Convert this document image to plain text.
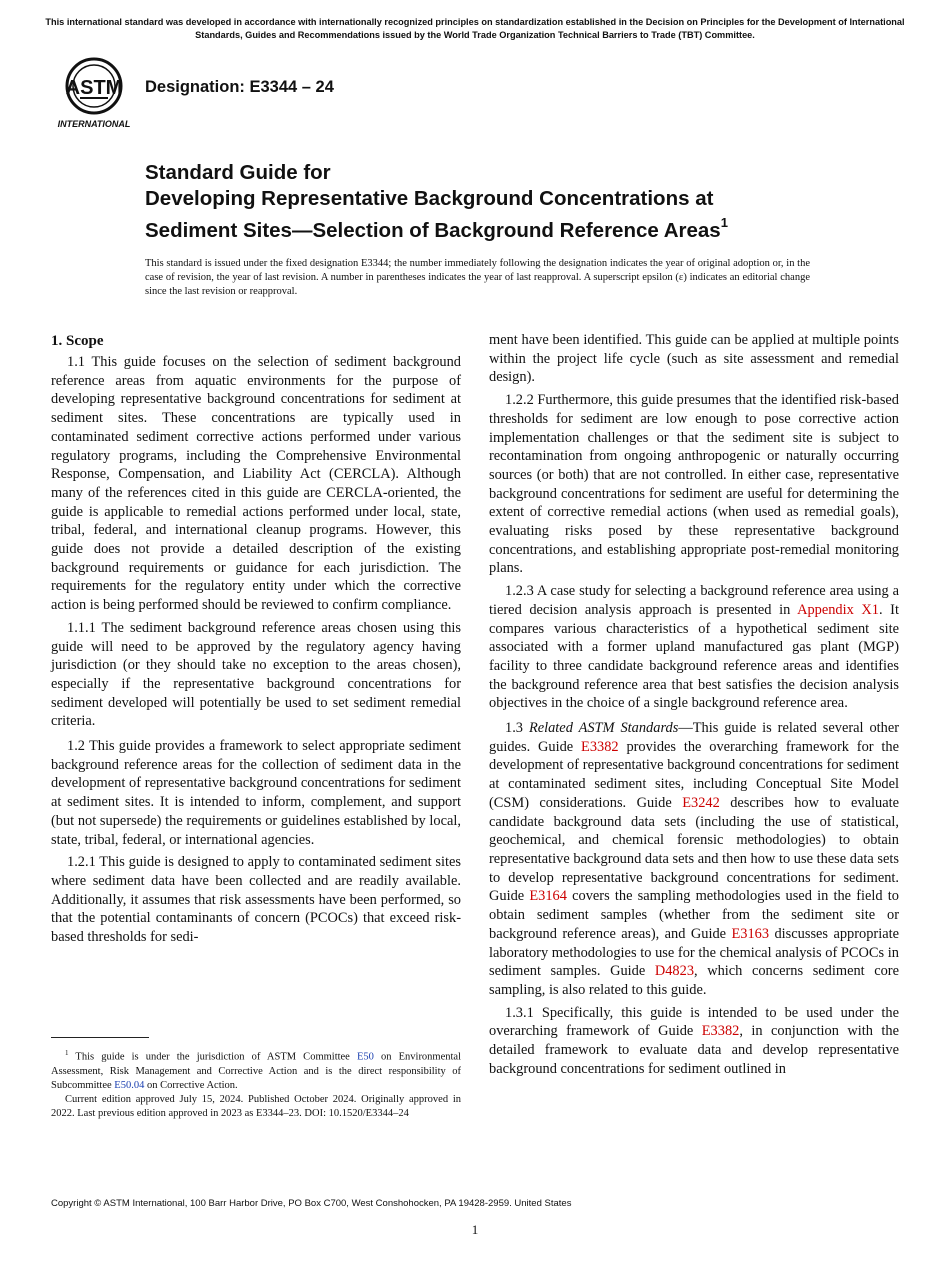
This international standard was developed in accordance with internationally recognized principles on standardization established in the Decision on Principles for the Development of International Standards, Guides and Recommendations issued by the World Trade Organization Technical Barriers to Trade (TBT) Committee.
ASTM
INTERNATIONAL
Designation: E3344 – 24
Standard Guide for
Developing Representative Background Concentrations at
Sediment Sites—Selection of Background Reference Areas$^1$
This standard is issued under the fixed designation E3344; the number immediately following the designation indicates the year of original adoption or, in the case of revision, the year of last revision. A number in parentheses indicates the year of last reapproval. A superscript epsilon (ε) indicates an editorial change since the last revision or reapproval.
1. Scope

1.1 This guide focuses on the selection of sediment background reference areas from aquatic environments for the purpose of developing representative background concentrations for sediment at sediment sites. These concentrations are typically used in contaminated sediment corrective actions performed under various regulatory programs, including the Comprehensive Environmental Response, Compensation, and Liability Act (CERCLA). Although many of the references cited in this guide are CERCLA-oriented, the guide is applicable to remedial actions performed under local, state, tribal, federal, and international cleanup programs. However, this guide does not provide a detailed description of the existing background requirements or guidance for each jurisdiction. The requirements for the regulatory entity under which the corrective action is being performed should be reviewed to confirm compliance.

1.1.1 The sediment background reference areas chosen using this guide will need to be approved by the regulatory agency having jurisdiction (or they should take no exception to the areas chosen), especially if the representative background concentrations for sediment developed will potentially be used to set sediment remedial criteria.

1.2 This guide provides a framework to select appropriate sediment background reference areas for the collection of sediment data in the development of representative background concentrations for sediment at sediment sites. It is intended to inform, complement, and support (but not supersede) the requirements or guidelines established by local, state, tribal, federal, or international agencies.

1.2.1 This guide is designed to apply to contaminated sediment sites where sediment data have been collected and are readily available. Additionally, it assumes that risk assessments have been performed, so that the potential contaminants of concern (PCOCs) that exceed risk-based thresholds for sedi-

ment have been identified. This guide can be applied at multiple points within the project life cycle (such as site assessment and remedial design).

1.2.2 Furthermore, this guide presumes that the identified risk-based thresholds for sediment are low enough to pose corrective action implementation challenges or that the sediment site is subject to recontamination from ongoing anthropogenic or naturally occurring sources (or both) that are not controlled. In either case, representative background concentrations for sediment are useful for determining the extent of corrective remedial actions (when used as remedial goals), evaluating risks posed by these representative background concentrations, and establishing appropriate post-remedial monitoring plans.

1.2.3 A case study for selecting a background reference area using a tiered decision analysis approach is presented in Appendix X1. It compares various characteristics of a hypothetical sediment site associated with a former upland manufactured gas plant (MGP) facility to three candidate background reference areas and identifies the background reference area that best satisfies the decision analysis objectives in the choice of a single background reference area.

1.3 Related ASTM Standards—This guide is related several other guides. Guide E3382 provides the overarching framework for the development of representative background concentrations for sediment at contaminated sediment sites, including Conceptual Site Model (CSM) considerations. Guide E3242 describes how to evaluate candidate background data sets (including the use of statistical, geochemical, and chemical forensic methodologies) to obtain representative background data sets and then how to use these data sets to develop representative background concentrations for sediment. Guide E3164 covers the sampling methodologies used in the field to obtain sediment samples (whether from the sediment site or background reference areas), and Guide E3163 discusses appropriate laboratory methodologies to use for the chemical analysis of PCOCs in sediment samples. Guide D4823, which concerns sediment core sampling, is also related to this guide.

1.3.1 Specifically, this guide is intended to be used under the overarching framework of Guide E3382, in conjunction with the detailed framework to evaluate data and develop representative background concentrations for sediment outlined in

$^1$ This guide is under the jurisdiction of ASTM Committee E50 on Environmental Assessment, Risk Management and Corrective Action and is the direct responsibility of Subcommittee E50.04 on Corrective Action.

Current edition approved July 15, 2024. Published October 2024. Originally approved in 2022. Last previous edition approved in 2023 as E3344–23. DOI: 10.1520/E3344–24

Copyright © ASTM International, 100 Barr Harbor Drive, PO Box C700, West Conshohocken, PA 19428-2959. United States
1
